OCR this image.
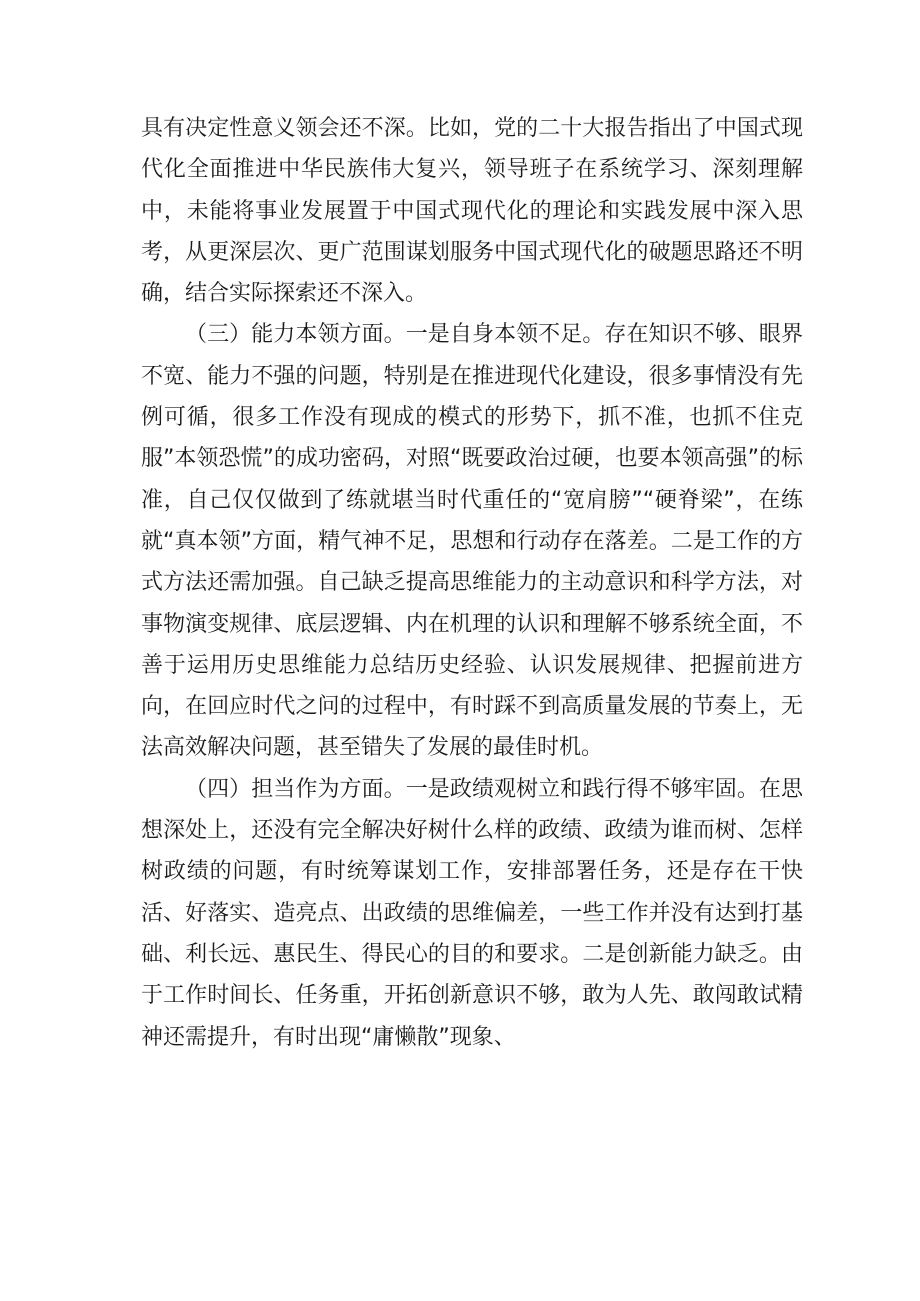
具有决定性意义领会还不深。比如，党的二十大报告指出了中国式现代化全面推进中华民族伟大复兴，领导班子在系统学习、深刻理解中，未能将事业发展置于中国式现代化的理论和实践发展中深入思考，从更深层次、更广范围谋划服务中国式现代化的破题思路还不明确，结合实际探索还不深入。

（三）能力本领方面。一是自身本领不足。存在知识不够、眼界不宽、能力不强的问题，特别是在推进现代化建设，很多事情没有先例可循，很多工作没有现成的模式的形势下，抓不准，也抓不住克服”本领恐慌”的成功密码，对照“既要政治过硬，也要本领高强”的标准，自己仅仅做到了练就堪当时代重任的“宽肩膀”“硬脊梁”，在练就“真本领”方面，精气神不足，思想和行动存在落差。二是工作的方式方法还需加强。自己缺乏提高思维能力的主动意识和科学方法，对事物演变规律、底层逻辑、内在机理的认识和理解不够系统全面，不善于运用历史思维能力总结历史经验、认识发展规律、把握前进方向，在回应时代之问的过程中，有时踩不到高质量发展的节奏上，无法高效解决问题，甚至错失了发展的最佳时机。

（四）担当作为方面。一是政绩观树立和践行得不够牢固。在思想深处上，还没有完全解决好树什么样的政绩、政绩为谁而树、怎样树政绩的问题，有时统筹谋划工作，安排部署任务，还是存在干快活、好落实、造亮点、出政绩的思维偏差，一些工作并没有达到打基础、利长远、惠民生、得民心的目的和要求。二是创新能力缺乏。由于工作时间长、任务重，开拓创新意识不够，敢为人先、敢闯敢试精神还需提升，有时出现“庸懒散”现象、
